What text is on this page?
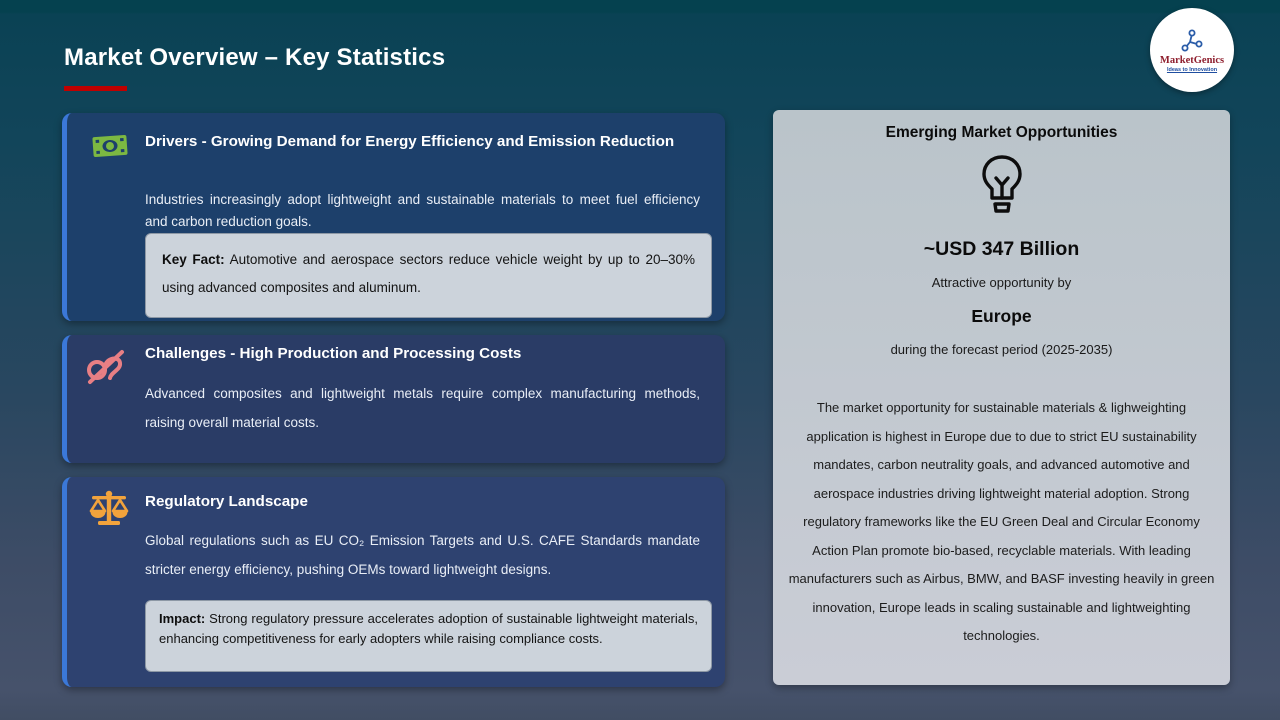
Market Overview – Key Statistics	MarketGenics
Ideas to Innovation
Drivers - Growing Demand for Energy Efficiency and Emission Reduction
Industries increasingly adopt lightweight and sustainable materials to meet fuel efficiency and carbon reduction goals.
Key Fact: Automotive and aerospace sectors reduce vehicle weight by up to 20–30% using advanced composites and aluminum.
Challenges - High Production and Processing Costs
Advanced composites and lightweight metals require complex manufacturing methods, raising overall material costs.
Regulatory Landscape
Global regulations such as EU CO₂ Emission Targets and U.S. CAFE Standards mandate stricter energy efficiency, pushing OEMs toward lightweight designs.
Impact: Strong regulatory pressure accelerates adoption of sustainable lightweight materials, enhancing competitiveness for early adopters while raising compliance costs.
Emerging Market Opportunities
~USD 347 Billion
Attractive opportunity by
Europe
during the forecast period (2025-2035)
The market opportunity for sustainable materials & lighweighting application is highest in Europe due to due to strict EU sustainability mandates, carbon neutrality goals, and advanced automotive and aerospace industries driving lightweight material adoption. Strong regulatory frameworks like the EU Green Deal and Circular Economy Action Plan promote bio-based, recyclable materials. With leading manufacturers such as Airbus, BMW, and BASF investing heavily in green innovation, Europe leads in scaling sustainable and lightweighting technologies.
